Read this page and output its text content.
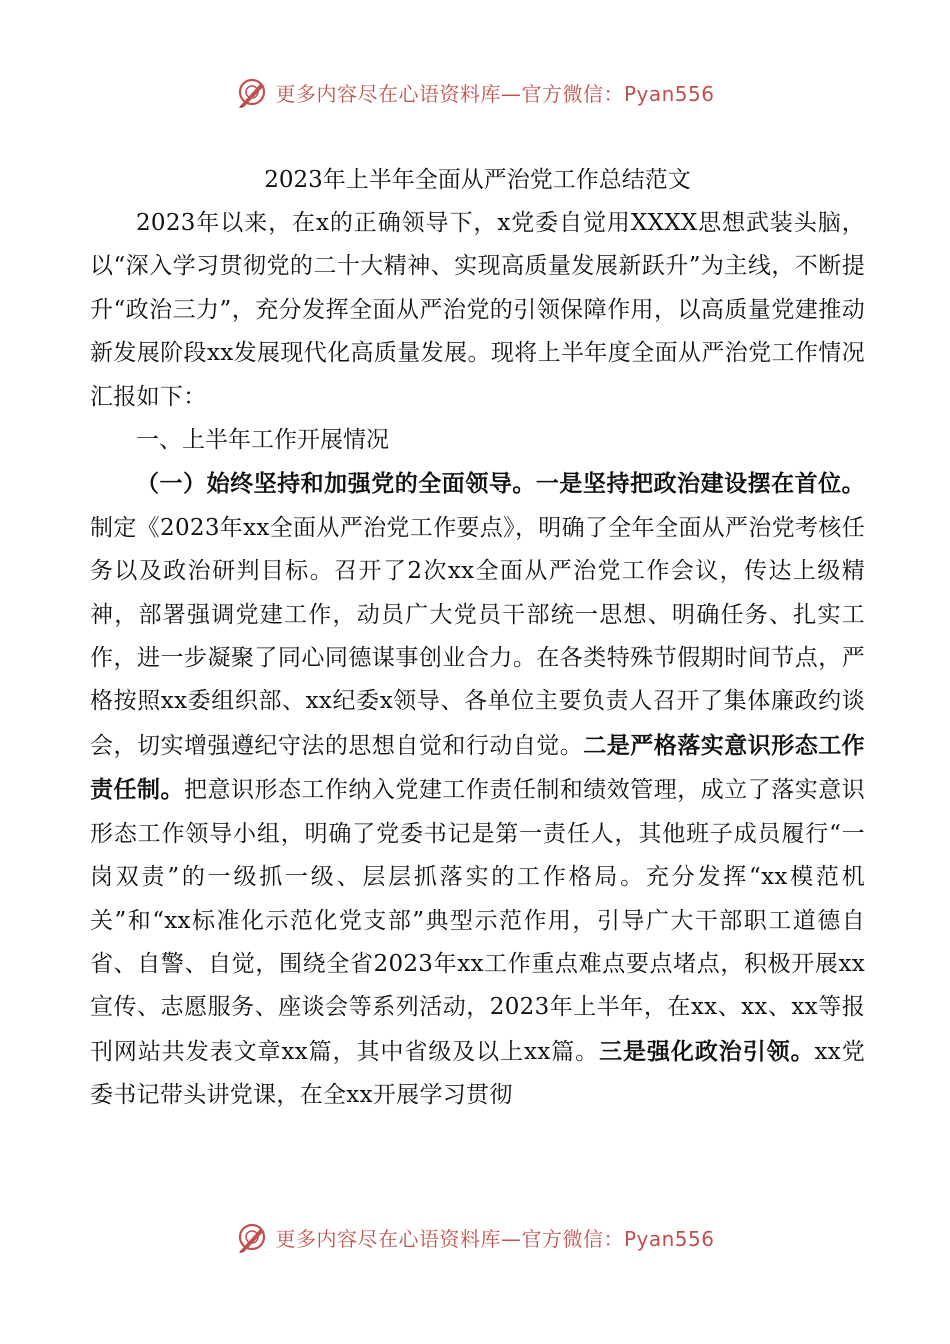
更多内容尽在心语资料库—官方微信：Pyan556
2023年上半年全面从严治党工作总结范文

2023年以来，在x的正确领导下，x党委自觉用XXXX思想武装头脑，以“深入学习贯彻党的二十大精神、实现高质量发展新跃升”为主线，不断提升“政治三力”，充分发挥全面从严治党的引领保障作用，以高质量党建推动新发展阶段xx发展现代化高质量发展。现将上半年度全面从严治党工作情况汇报如下：

一、上半年工作开展情况

（一）始终坚持和加强党的全面领导。一是坚持把政治建设摆在首位。制定《2023年xx全面从严治党工作要点》，明确了全年全面从严治党考核任务以及政治研判目标。召开了2次xx全面从严治党工作会议，传达上级精神，部署强调党建工作，动员广大党员干部统一思想、明确任务、扎实工作，进一步凝聚了同心同德谋事创业合力。在各类特殊节假期时间节点，严格按照xx委组织部、xx纪委x领导、各单位主要负责人召开了集体廉政约谈会，切实增强遵纪守法的思想自觉和行动自觉。二是严格落实意识形态工作责任制。把意识形态工作纳入党建工作责任制和绩效管理，成立了落实意识形态工作领导小组，明确了党委书记是第一责任人，其他班子成员履行“一岗双责”的一级抓一级、层层抓落实的工作格局。充分发挥“xx模范机关”和“xx标准化示范化党支部”典型示范作用，引导广大干部职工道德自省、自警、自觉，围绕全省2023年xx工作重点难点要点堵点，积极开展xx宣传、志愿服务、座谈会等系列活动，2023年上半年，在xx、xx、xx等报刊网站共发表文章xx篇，其中省级及以上xx篇。三是强化政治引领。xx党委书记带头讲党课，在全xx开展学习贯彻

更多内容尽在心语资料库—官方微信：Pyan556
